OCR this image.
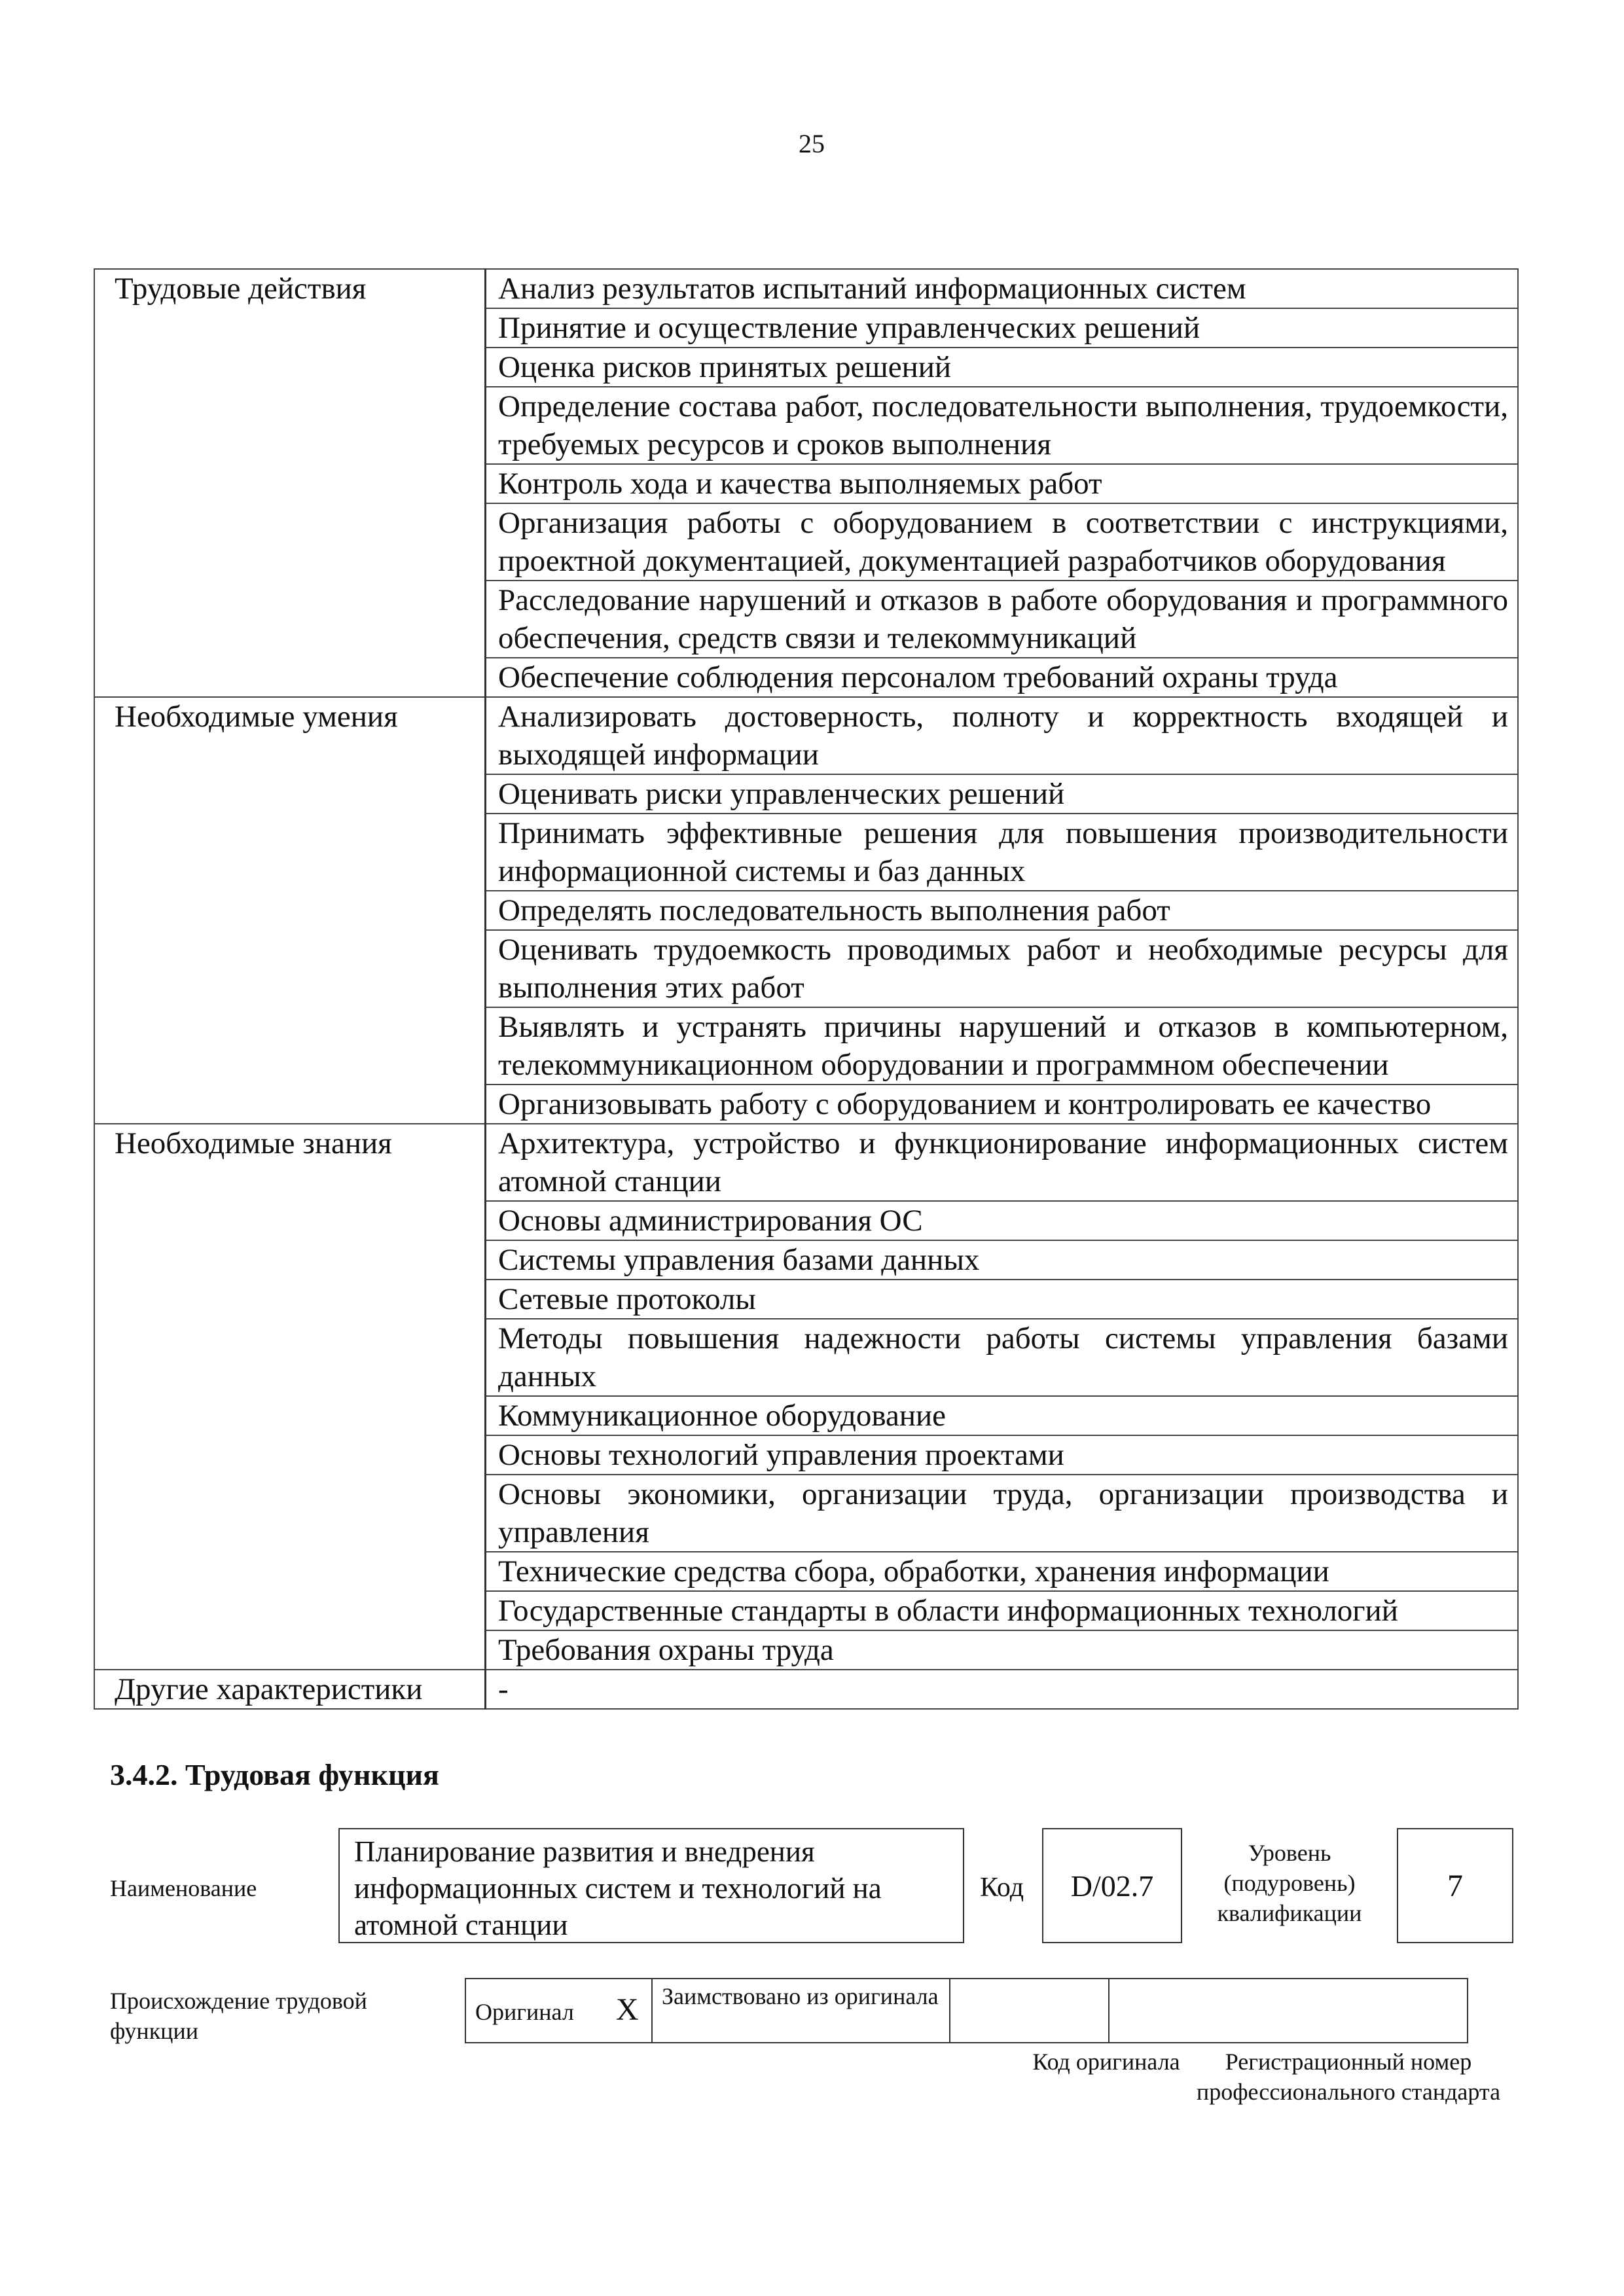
25
Трудовые действия	Анализ результатов испытаний информационных систем
	Принятие и осуществление управленческих решений
	Оценка рисков принятых решений
	Определение состава работ, последовательности выполнения, трудоемкости, требуемых ресурсов и сроков выполнения
	Контроль хода и качества выполняемых работ
	Организация работы с оборудованием в соответствии с инструкциями, проектной документацией, документацией разработчиков оборудования
	Расследование нарушений и отказов в работе оборудования и программного обеспечения, средств связи и телекоммуникаций
	Обеспечение соблюдения персоналом требований охраны труда
Необходимые умения	Анализировать достоверность, полноту и корректность входящей и выходящей информации
	Оценивать риски управленческих решений
	Принимать эффективные решения для повышения производительности информационной системы и баз данных
	Определять последовательность выполнения работ
	Оценивать трудоемкость проводимых работ и необходимые ресурсы для выполнения этих работ
	Выявлять и устранять причины нарушений и отказов в компьютерном, телекоммуникационном оборудовании и программном обеспечении
	Организовывать работу с оборудованием и контролировать ее качество
Необходимые знания	Архитектура, устройство и функционирование информационных систем атомной станции
	Основы администрирования ОС
	Системы управления базами данных
	Сетевые протоколы
	Методы повышения надежности работы системы управления базами данных
	Коммуникационное оборудование
	Основы технологий управления проектами
	Основы экономики, организации труда, организации производства и управления
	Технические средства сбора, обработки, хранения информации
	Государственные стандарты в области информационных технологий
	Требования охраны труда
Другие характеристики	-
3.4.2. Трудовая функция
Наименование
Планирование развития и внедрения информационных систем и технологий на атомной станции
Код	D/02.7
Уровень (подуровень) квалификации
7
Происхождение трудовой функции
Оригинал X	Заимствовано из оригинала		
Код оригинала	Регистрационный номер профессионального стандарта
